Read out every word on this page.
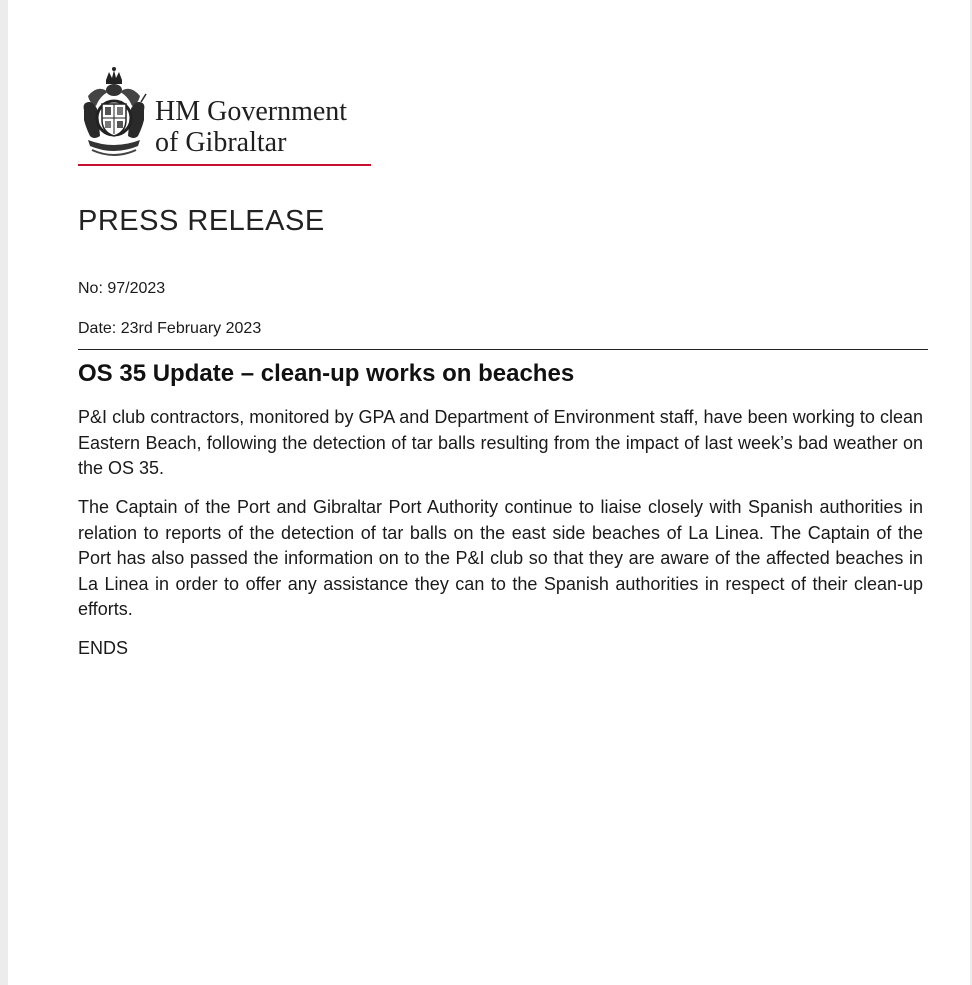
HM Government
of Gibraltar
PRESS RELEASE
No: 97/2023
Date: 23rd February 2023
OS 35 Update – clean-up works on beaches
P&I club contractors, monitored by GPA and Department of Environment staff, have been working to clean Eastern Beach, following the detection of tar balls resulting from the impact of last week’s bad weather on the OS 35.
The Captain of the Port and Gibraltar Port Authority continue to liaise closely with Spanish authorities in relation to reports of the detection of tar balls on the east side beaches of La Linea. The Captain of the Port has also passed the information on to the P&I club so that they are aware of the affected beaches in La Linea in order to offer any assistance they can to the Spanish authorities in respect of their clean-up efforts.
ENDS
